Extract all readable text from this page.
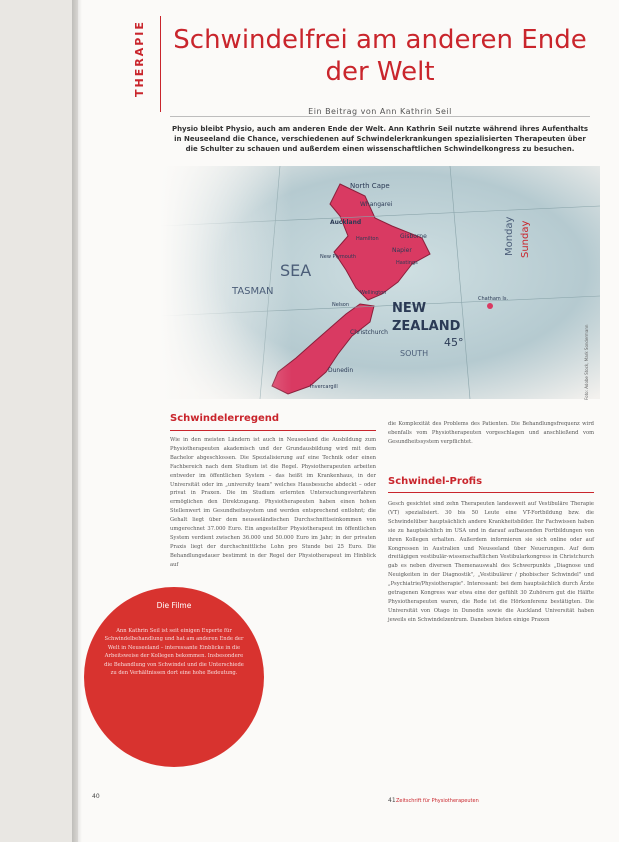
THERAPIE	Schwindelfrei am anderen Ende
der Welt
Ein Beitrag von Ann Kathrin Seil
Physio bleibt Physio, auch am anderen Ende der Welt. Ann Kathrin Seil nutzte während ihres Aufenthalts in Neuseeland die Chance, verschiedenen auf Schwindelerkrankungen spezialisierten Therapeuten über die Schulter zu schauen und außerdem einen wissenschaftlichen Schwindelkongress zu besuchen.
North Cape
Whangarei
Auckland
Hamilton
New Plymouth
Gisborne
Napier
Hastings
Wellington
Nelson
Christchurch
Dunedin
Invercargill
SEA
TASMAN
NEW
ZEALAND
45°
SOUTH
Monday Sunday
Chatham Is.
Foto: Adobe Stock, Mark Sondermann
Schwindelerregend
Wie in den meisten Ländern ist auch in Neuseeland die Ausbildung zum Physiotherapeuten akademisch und der Grundausbildung wird mit dem Bachelor abgeschlossen. Die Spezialisierung auf eine Technik oder einen Fachbereich nach dem Studium ist die Regel. Physiotherapeuten arbeiten entweder im öffentlichen System – das heißt im Krankenhaus, in der Universität oder im „university team" welches Hausbesuche abdeckt – oder privat in Praxen. Die im Studium erlernten Untersuchungsverfahren ermöglichen den Direktzugang. Physiotherapeuten haben einen hohen Stellenwert im Gesundheitssystem und werden entsprechend entlohnt; die Gehalt liegt über dem neuseeländischen Durchschnittseinkommen von umgerechnet 37.000 Euro. Ein angestellter Physiotherapeut im öffentlichen System verdient zwischen 36.000 und 50.000 Euro im Jahr; in der privaten Praxis liegt der durchschnittliche Lohn pro Stunde bei 25 Euro. Die Behandlungsdauer bestimmt in der Regel der Physiotherapeut im Hinblick auf
die Komplexität des Problems des Patienten. Die Behandlungsfrequenz wird ebenfalls vom Physiotherapeuten vorgeschlagen und anschließend vom Gesundheitssystem verpflichtet.
Schwindel-Profis
Gesch gesichtet sind zehn Therapeuten landesweit auf Vestibuläre Therapie (VT) spezialisiert. 30 bis 50 Leute eine VT-Fortbildung bzw. die Schwindelüber hauptsächlich andere Krankheitsbilder. Ihr Fachwissen haben sie zu hauptsächlich im USA und in darauf aufbauenden Fortbildungen von ihren Kollegen erhalten. Außerdem informieren sie sich online oder auf Kongressen in Australien und Neuseeland über Neuerungen. Auf dem dreitägigen vestibulär-wissenschaftlichen Vestibularkongress in Christchurch gab es neben diversen Themenauswahl des Schwerpunkts „Diagnose und Neuigkeiten in der Diagnostik", „Vestibulärer / phobischer Schwindel" und „Psychiatrie/Physiotherapie". Interessant: bei dem hauptsächlich durch Ärzte getragenen Kongress war etwa eine der gefühlt 30 Zuhörern gut die Hälfte Physiotherapeuten waren, die Rede ist die Hörkonferenz bestätigten. Die Universität von Otago in Dunedin sowie die Auckland Universität haben jeweils ein Schwindelzentrum. Daneben bieten einige Praxen
Die Filme
Ann Kathrin Seil ist seit einigen Experte für Schwindelbehandlung und hat am anderen Ende der Welt in Neuseeland – interessante Einblicke in die Arbeitsweise der Kollegen bekommen. Insbesondere die Behandlung von Schwindel und die Unterschiede zu den Verhältnissen dort eine hohe Bedeutung.
40
41 Zeitschrift für Physiotherapeuten
